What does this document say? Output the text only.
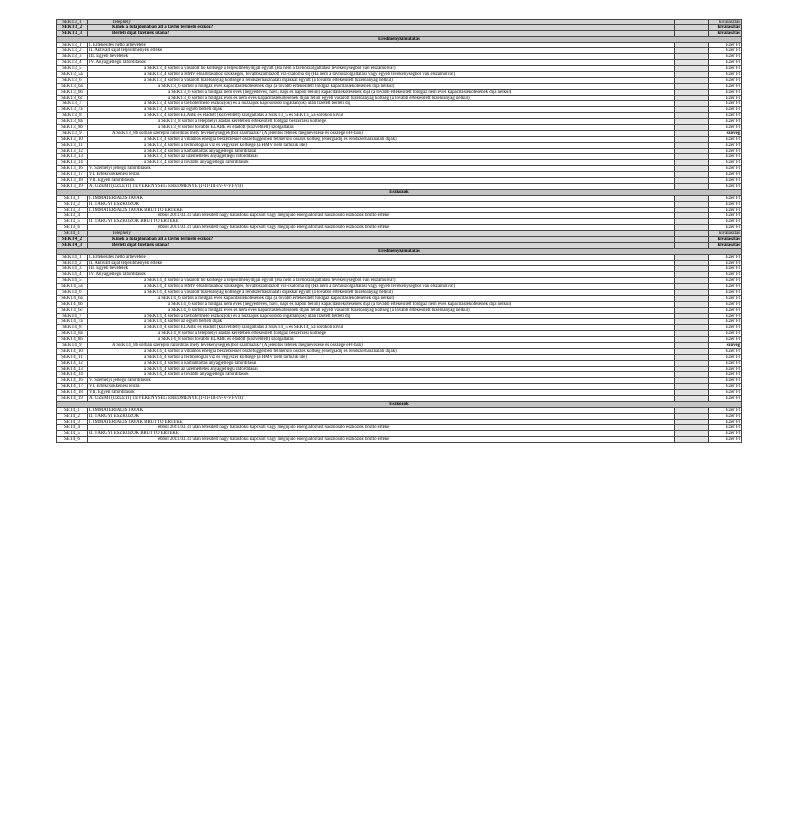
SEKT3_1	Telephely	kiválasztás
SEKT3_2	Kinek a tulajdonában áll a távhő termelő eszköz?	kiválasztás
SEKT3_3	Bérleti díjat fizetnek utána?	kiválasztás
Eredménykimutatás
SEKT3_1	I. Értékesítés nettó árbevétele	Ezer Ft
SEKT3_2	II. Aktivált saját teljesítmények értéke	Ezer Ft
SEKT3_3	III. Egyéb bevételek	Ezer Ft
SEKT3_4	IV. Anyagjellegű ráfordítások	Ezer Ft
SEKT3_5	a SEKT3_4 sorból a vásárolt hő költsége a teljesítménydíjjal együtt (Ha nem a távhőszolgáltatási tevékenységből van elszámolva!)	Ezer Ft
SEKT3_5a	a SEKT3_4 sorból a HMV előállításához szükséges, továbbszámlázott víz-csatorna díj (Ha nem a távhőszolgáltatási vagy egyéb tevékenységből van elszámolva!)	Ezer Ft
SEKT3_6	a SEKT3_4 sorból a vásárolt tüzelőanyag költsége a rendszerhasználati díjakkal együtt (a további értékesített tüzelőanyag nélkül)	Ezer Ft
SEKT3_6a	a SEKT3_6 sorból a földgáz éves kapacitáslekötésének díja (a tovább értékesített földgáz kapacitáslekötésének díja nélkül)	Ezer Ft
SEKT3_6b	a SEKT3_6 sorból a földgáz nem éves (negyedéves, havi, napi és napon belüli) kapacitáslekötésének díja (a tovább értékesített földgáz nem éves kapacitáslekötésének díja nélkül)	Ezer Ft
SEKT3_6c	a SEKT3_6 sorból a földgáz éves és nem éves kapacitáslekötésének díján felüli egyéb vásárolt tüzelőanyag költség (a tovább értékesített tüzelőanyag nélkül)	Ezer Ft
SEKT3_7	a SEKT3_4 sorból a távhőtermelő eszköz(ök) és a hozzájuk kapcsolódó ingatlan(ok) után fizetett bérleti díj	Ezer Ft
SEKT3_7a	a SEKT3_4 sorból az egyéb bérleti díjak	Ezer Ft
SEKT3_8	a SEKT3_4 sorból ELÁBÉ és eladott (közvetített) szolgáltatás a SEKT3_5 és SEKT3_5a sorokon kívül	Ezer Ft
SEKT3_8a	a SEKT3_8 sorból a telephelyi átadás keretében értékesített földgáz beszerzési költsége	Ezer Ft
SEKT3_8b	a SEKT3_8 sorból további ELÁBÉ és eladott (közvetített) szolgáltatás	Ezer Ft
SEKT3_9	A SEKT3_8b sorban szereplő ráfordítás mely tevékenység(ek)ből származik? (A jelentős tételek megnevezése és összege eFt-ban)	szöveg
SEKT3_10	a SEKT3_4 sorból a villamos energia beszerzéssel összefüggésben felmerülő összes költség (energiadíj és rendszerhasználati díjak)	Ezer Ft
SEKT3_11	a SEKT3_4 sorból a technológiai víz és vegyszer költsége (a HMV nem tartozik ide)	Ezer Ft
SEKT3_12	a SEKT3_4 sorból a karbantartás anyagjellegű ráfordításai	Ezer Ft
SEKT3_13	a SEKT3_4 sorból az üzemeltetés anyagjellegű ráfordításai	Ezer Ft
SEKT3_14	a SEKT3_4 sorból a további anyagjellegű ráfordítások	Ezer Ft
SEKT3_16	V. Személyi jellegű ráfordítások	Ezer Ft
SEKT3_17	VI. Értékcsökkenési leírás	Ezer Ft
SEKT3_18	VII. Egyéb ráfordítások	Ezer Ft
SEKT3_19	A. ÜZEMI (ÜZLETI) TEVÉKENYSÉG EREDMÉNYE (I+II+III-IV-V-VI-VII)	Ezer Ft
Eszközök
SET3_1	I. IMMATERIÁLIS JAVAK	Ezer Ft
SET3_2	II. TÁRGYI ESZKÖZÖK	Ezer Ft
SET3_3	I. IMMATERIÁLIS JAVAK BRUTTÓ ÉRTÉKE	Ezer Ft
SET3_4	ebből 2011.03.31 után létesített nagy hatásfokú kapcsolt vagy megújuló energiaforrást hasznosító eszközök bruttó értéke	Ezer Ft
SET3_5	II. TÁRGYI ESZKÖZÖK BRUTTÓ ÉRTÉKE	Ezer Ft
SET3_6	ebből 2011.03.31 után létesített nagy hatásfokú kapcsolt vagy megújuló energiaforrást hasznosító eszközök bruttó értéke	Ezer Ft
SET4_1	Telephely	kiválasztás
SEKT4_2	Kinek a tulajdonában áll a távhő termelő eszköz?	kiválasztás
SEKT4_3	Bérleti díjat fizetnek utána?	kiválasztás
Eredménykimutatás
SEKT4_1	I. Értékesítés nettó árbevétele	Ezer Ft
SEKT4_2	II. Aktivált saját teljesítmények értéke	Ezer Ft
SEKT4_3	III. Egyéb bevételek	Ezer Ft
SEKT4_4	IV. Anyagjellegű ráfordítások	Ezer Ft
SEKT4_5	a SEKT4_4 sorból a vásárolt hő költsége a teljesítménydíjjal együtt (Ha nem a távhőszolgáltatási tevékenységből van elszámolva!)	Ezer Ft
SEKT4_5a	a SEKT4_4 sorból a HMV előállításához szükséges, továbbszámlázott víz-csatorna díj (Ha nem a távhőszolgáltatási vagy egyéb tevékenységből van elszámolva!)	Ezer Ft
SEKT4_6	a SEKT4_4 sorból a vásárolt tüzelőanyag költsége a rendszerhasználati díjakkal együtt (a további értékesített tüzelőanyag nélkül)	Ezer Ft
SEKT4_6a	a SEKT4_6 sorból a földgáz éves kapacitáslekötésének díja (a tovább értékesített földgáz kapacitáslekötésének díja nélkül)	Ezer Ft
SEKT4_6b	a SEKT4_6 sorból a földgáz nem éves (negyedéves, havi, napi és napon belüli) kapacitáslekötésének díja (a tovább értékesített földgáz nem éves kapacitáslekötésének díja nélkül)	Ezer Ft
SEKT4_6c	a SEKT4_6 sorból a földgáz éves és nem éves kapacitáslekötésének díján felüli egyéb vásárolt tüzelőanyag költség (a tovább értékesített tüzelőanyag nélkül)	Ezer Ft
SEKT4_7	a SEKT4_4 sorból a távhőtermelő eszköz(ök) és a hozzájuk kapcsolódó ingatlan(ok) után fizetett bérleti díj	Ezer Ft
SEKT4_7a	a SEKT4_4 sorból az egyéb bérleti díjak	Ezer Ft
SEKT4_8	a SEKT4_4 sorból ELÁBÉ és eladott (közvetített) szolgáltatás a SEKT4_5 és SEKT4_5a sorokon kívül	Ezer Ft
SEKT4_8a	a SEKT4_8 sorból a telephelyi átadás keretében értékesített földgáz beszerzési költsége	Ezer Ft
SEKT4_8b	a SEKT4_8 sorból további ELÁBÉ és eladott (közvetített) szolgáltatás	Ezer Ft
SEKT4_9	A SEKT4_8b sorban szereplő ráfordítás mely tevékenység(ek)ből származik? (A jelentős tételek megnevezése és összege eFt-ban)	szöveg
SEKT4_10	a SEKT4_4 sorból a villamos energia beszerzéssel összefüggésben felmerülő összes költség (energiadíj és rendszerhasználati díjak)	Ezer Ft
SEKT4_11	a SEKT4_4 sorból a technológiai víz és vegyszer költsége (a HMV nem tartozik ide)	Ezer Ft
SEKT4_12	a SEKT4_4 sorból a karbantartás anyagjellegű ráfordításai	Ezer Ft
SEKT4_13	a SEKT4_4 sorból az üzemeltetés anyagjellegű ráfordításai	Ezer Ft
SEKT4_14	a SEKT4_4 sorból a további anyagjellegű ráfordítások	Ezer Ft
SEKT4_16	V. Személyi jellegű ráfordítások	Ezer Ft
SEKT4_17	VI. Értékcsökkenési leírás	Ezer Ft
SEKT4_18	VII. Egyéb ráfordítások	Ezer Ft
SEKT4_19	A. ÜZEMI (ÜZLETI) TEVÉKENYSÉG EREDMÉNYE (I+II+III-IV-V-VI-VII)	Ezer Ft
Eszközök
SET4_1	I. IMMATERIÁLIS JAVAK	Ezer Ft
SET4_2	II. TÁRGYI ESZKÖZÖK	Ezer Ft
SET4_3	I. IMMATERIÁLIS JAVAK BRUTTÓ ÉRTÉKE	Ezer Ft
SET4_4	ebből 2011.03.31 után létesített nagy hatásfokú kapcsolt vagy megújuló energiaforrást hasznosító eszközök bruttó értéke	Ezer Ft
SET4_5	II. TÁRGYI ESZKÖZÖK BRUTTÓ ÉRTÉKE	Ezer Ft
SET4_6	ebből 2011.03.31 után létesített nagy hatásfokú kapcsolt vagy megújuló energiaforrást hasznosító eszközök bruttó értéke	Ezer Ft
